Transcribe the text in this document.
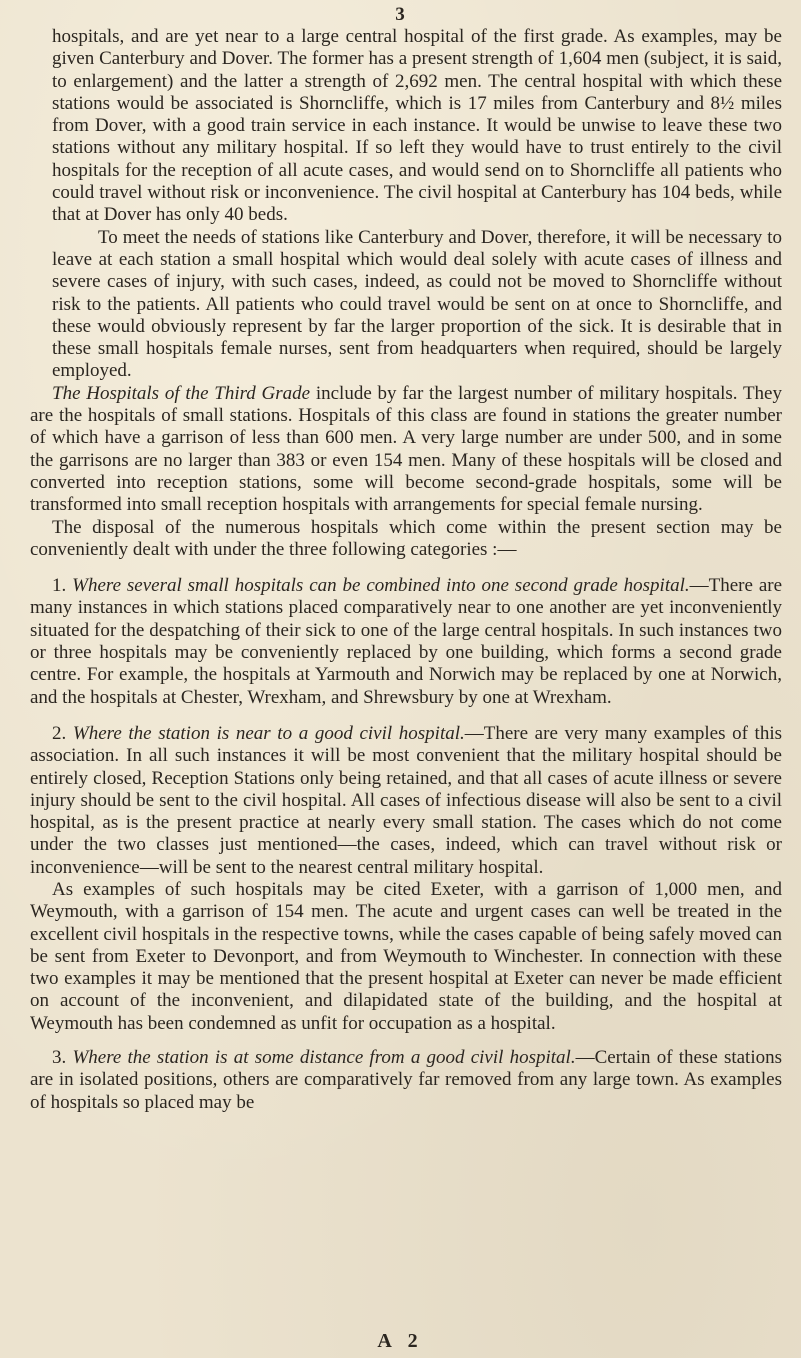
3

hospitals, and are yet near to a large central hospital of the first grade. As examples, may be given Canterbury and Dover. The former has a present strength of 1,604 men (subject, it is said, to enlargement) and the latter a strength of 2,692 men. The central hospital with which these stations would be associated is Shorncliffe, which is 17 miles from Canterbury and 8½ miles from Dover, with a good train service in each instance. It would be unwise to leave these two stations without any military hospital. If so left they would have to trust entirely to the civil hospitals for the reception of all acute cases, and would send on to Shorncliffe all patients who could travel without risk or inconvenience. The civil hospital at Canterbury has 104 beds, while that at Dover has only 40 beds.

To meet the needs of stations like Canterbury and Dover, therefore, it will be necessary to leave at each station a small hospital which would deal solely with acute cases of illness and severe cases of injury, with such cases, indeed, as could not be moved to Shorncliffe without risk to the patients. All patients who could travel would be sent on at once to Shorncliffe, and these would obviously represent by far the larger proportion of the sick. It is desirable that in these small hospitals female nurses, sent from headquarters when required, should be largely employed.

The Hospitals of the Third Grade include by far the largest number of military hospitals. They are the hospitals of small stations. Hospitals of this class are found in stations the greater number of which have a garrison of less than 600 men. A very large number are under 500, and in some the garrisons are no larger than 383 or even 154 men. Many of these hospitals will be closed and converted into reception stations, some will become second-grade hospitals, some will be transformed into small reception hospitals with arrangements for special female nursing.

The disposal of the numerous hospitals which come within the present section may be conveniently dealt with under the three following categories :—

1. Where several small hospitals can be combined into one second grade hospital.—There are many instances in which stations placed comparatively near to one another are yet inconveniently situated for the despatching of their sick to one of the large central hospitals. In such instances two or three hospitals may be conveniently replaced by one building, which forms a second grade centre. For example, the hospitals at Yarmouth and Norwich may be replaced by one at Norwich, and the hospitals at Chester, Wrexham, and Shrewsbury by one at Wrexham.

2. Where the station is near to a good civil hospital.—There are very many examples of this association. In all such instances it will be most convenient that the military hospital should be entirely closed, Reception Stations only being retained, and that all cases of acute illness or severe injury should be sent to the civil hospital. All cases of infectious disease will also be sent to a civil hospital, as is the present practice at nearly every small station. The cases which do not come under the two classes just mentioned—the cases, indeed, which can travel without risk or inconvenience—will be sent to the nearest central military hospital.

As examples of such hospitals may be cited Exeter, with a garrison of 1,000 men, and Weymouth, with a garrison of 154 men. The acute and urgent cases can well be treated in the excellent civil hospitals in the respective towns, while the cases capable of being safely moved can be sent from Exeter to Devonport, and from Weymouth to Winchester. In connection with these two examples it may be mentioned that the present hospital at Exeter can never be made efficient on account of the inconvenient, and dilapidated state of the building, and the hospital at Weymouth has been condemned as unfit for occupation as a hospital.

3. Where the station is at some distance from a good civil hospital.—Certain of these stations are in isolated positions, others are comparatively far removed from any large town. As examples of hospitals so placed may be

A 2
